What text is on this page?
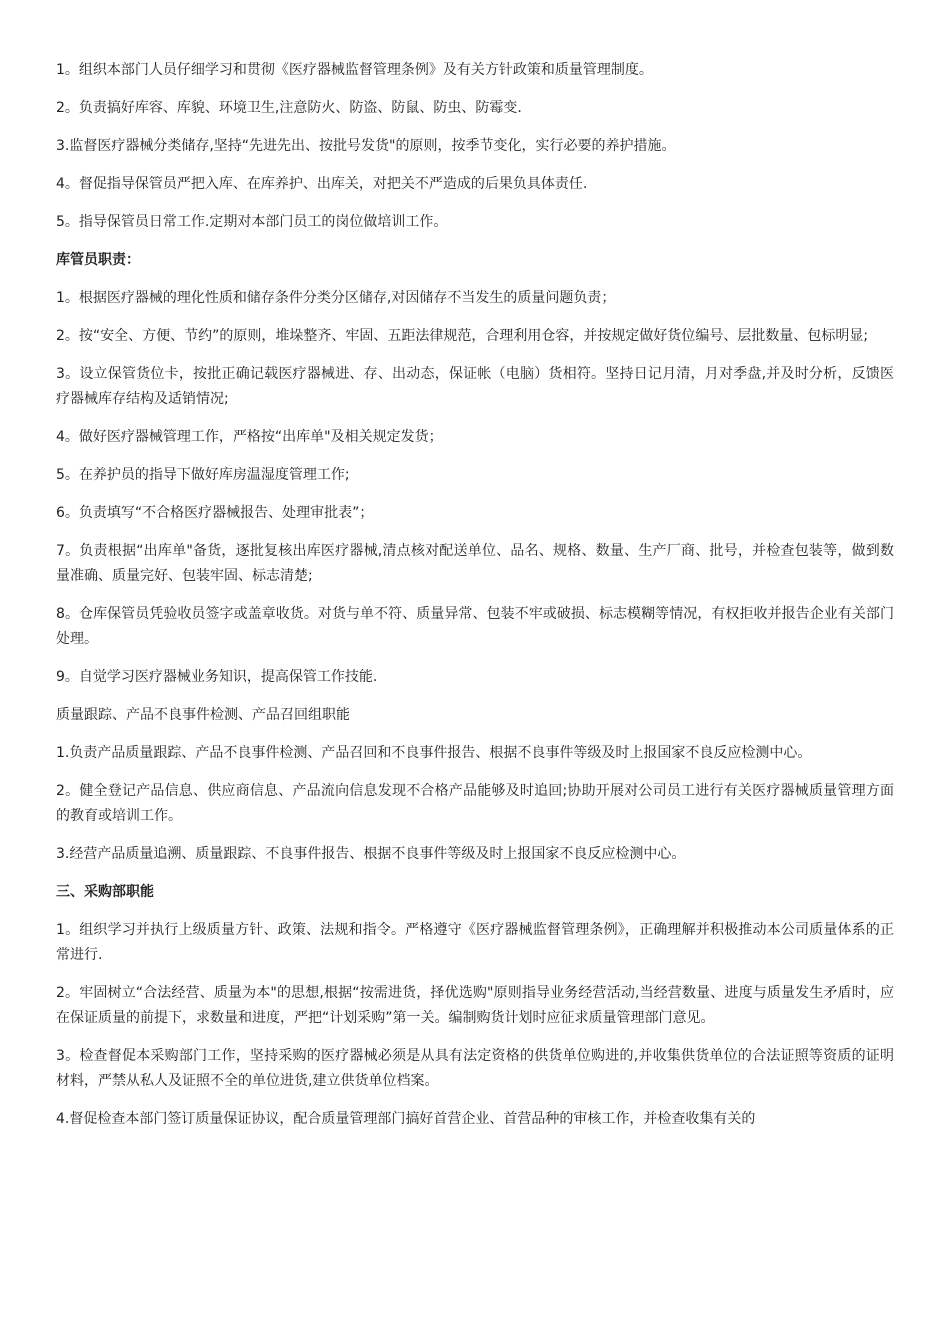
1。组织本部门人员仔细学习和贯彻《医疗器械监督管理条例》及有关方针政策和质量管理制度。

2。负责搞好库容、库貌、环境卫生,注意防火、防盗、防鼠、防虫、防霉变.

3.监督医疗器械分类储存,坚持“先进先出、按批号发货"的原则，按季节变化，实行必要的养护措施。

4。督促指导保管员严把入库、在库养护、出库关，对把关不严造成的后果负具体责任.

5。指导保管员日常工作.定期对本部门员工的岗位做培训工作。

库管员职责：

1。根据医疗器械的理化性质和储存条件分类分区储存,对因储存不当发生的质量问题负责；

2。按“安全、方便、节约”的原则，堆垛整齐、牢固、五距法律规范，合理利用仓容，并按规定做好货位编号、层批数量、包标明显;

3。设立保管货位卡，按批正确记载医疗器械进、存、出动态，保证帐（电脑）货相符。坚持日记月清，月对季盘,并及时分析，反馈医疗器械库存结构及适销情况;

4。做好医疗器械管理工作，严格按“出库单"及相关规定发货；

5。在养护员的指导下做好库房温湿度管理工作;

6。负责填写“不合格医疗器械报告、处理审批表”；

7。负责根据“出库单"备货，逐批复核出库医疗器械,清点核对配送单位、品名、规格、数量、生产厂商、批号，并检查包装等，做到数量准确、质量完好、包装牢固、标志清楚;

8。仓库保管员凭验收员签字或盖章收货。对货与单不符、质量异常、包装不牢或破损、标志模糊等情况，有权拒收并报告企业有关部门处理。

9。自觉学习医疗器械业务知识，提高保管工作技能.

质量跟踪、产品不良事件检测、产品召回组职能

1.负责产品质量跟踪、产品不良事件检测、产品召回和不良事件报告、根据不良事件等级及时上报国家不良反应检测中心。

2。健全登记产品信息、供应商信息、产品流向信息发现不合格产品能够及时追回;协助开展对公司员工进行有关医疗器械质量管理方面的教育或培训工作。

3.经营产品质量追溯、质量跟踪、不良事件报告、根据不良事件等级及时上报国家不良反应检测中心。

三、采购部职能

1。组织学习并执行上级质量方针、政策、法规和指令。严格遵守《医疗器械监督管理条例》，正确理解并积极推动本公司质量体系的正常进行.

2。牢固树立“合法经营、质量为本"的思想,根据“按需进货，择优选购"原则指导业务经营活动,当经营数量、进度与质量发生矛盾时，应在保证质量的前提下，求数量和进度，严把“计划采购”第一关。编制购货计划时应征求质量管理部门意见。

3。检查督促本采购部门工作，坚持采购的医疗器械必须是从具有法定资格的供货单位购进的,并收集供货单位的合法证照等资质的证明材料，严禁从私人及证照不全的单位进货,建立供货单位档案。

4.督促检查本部门签订质量保证协议，配合质量管理部门搞好首营企业、首营品种的审核工作，并检查收集有关的
